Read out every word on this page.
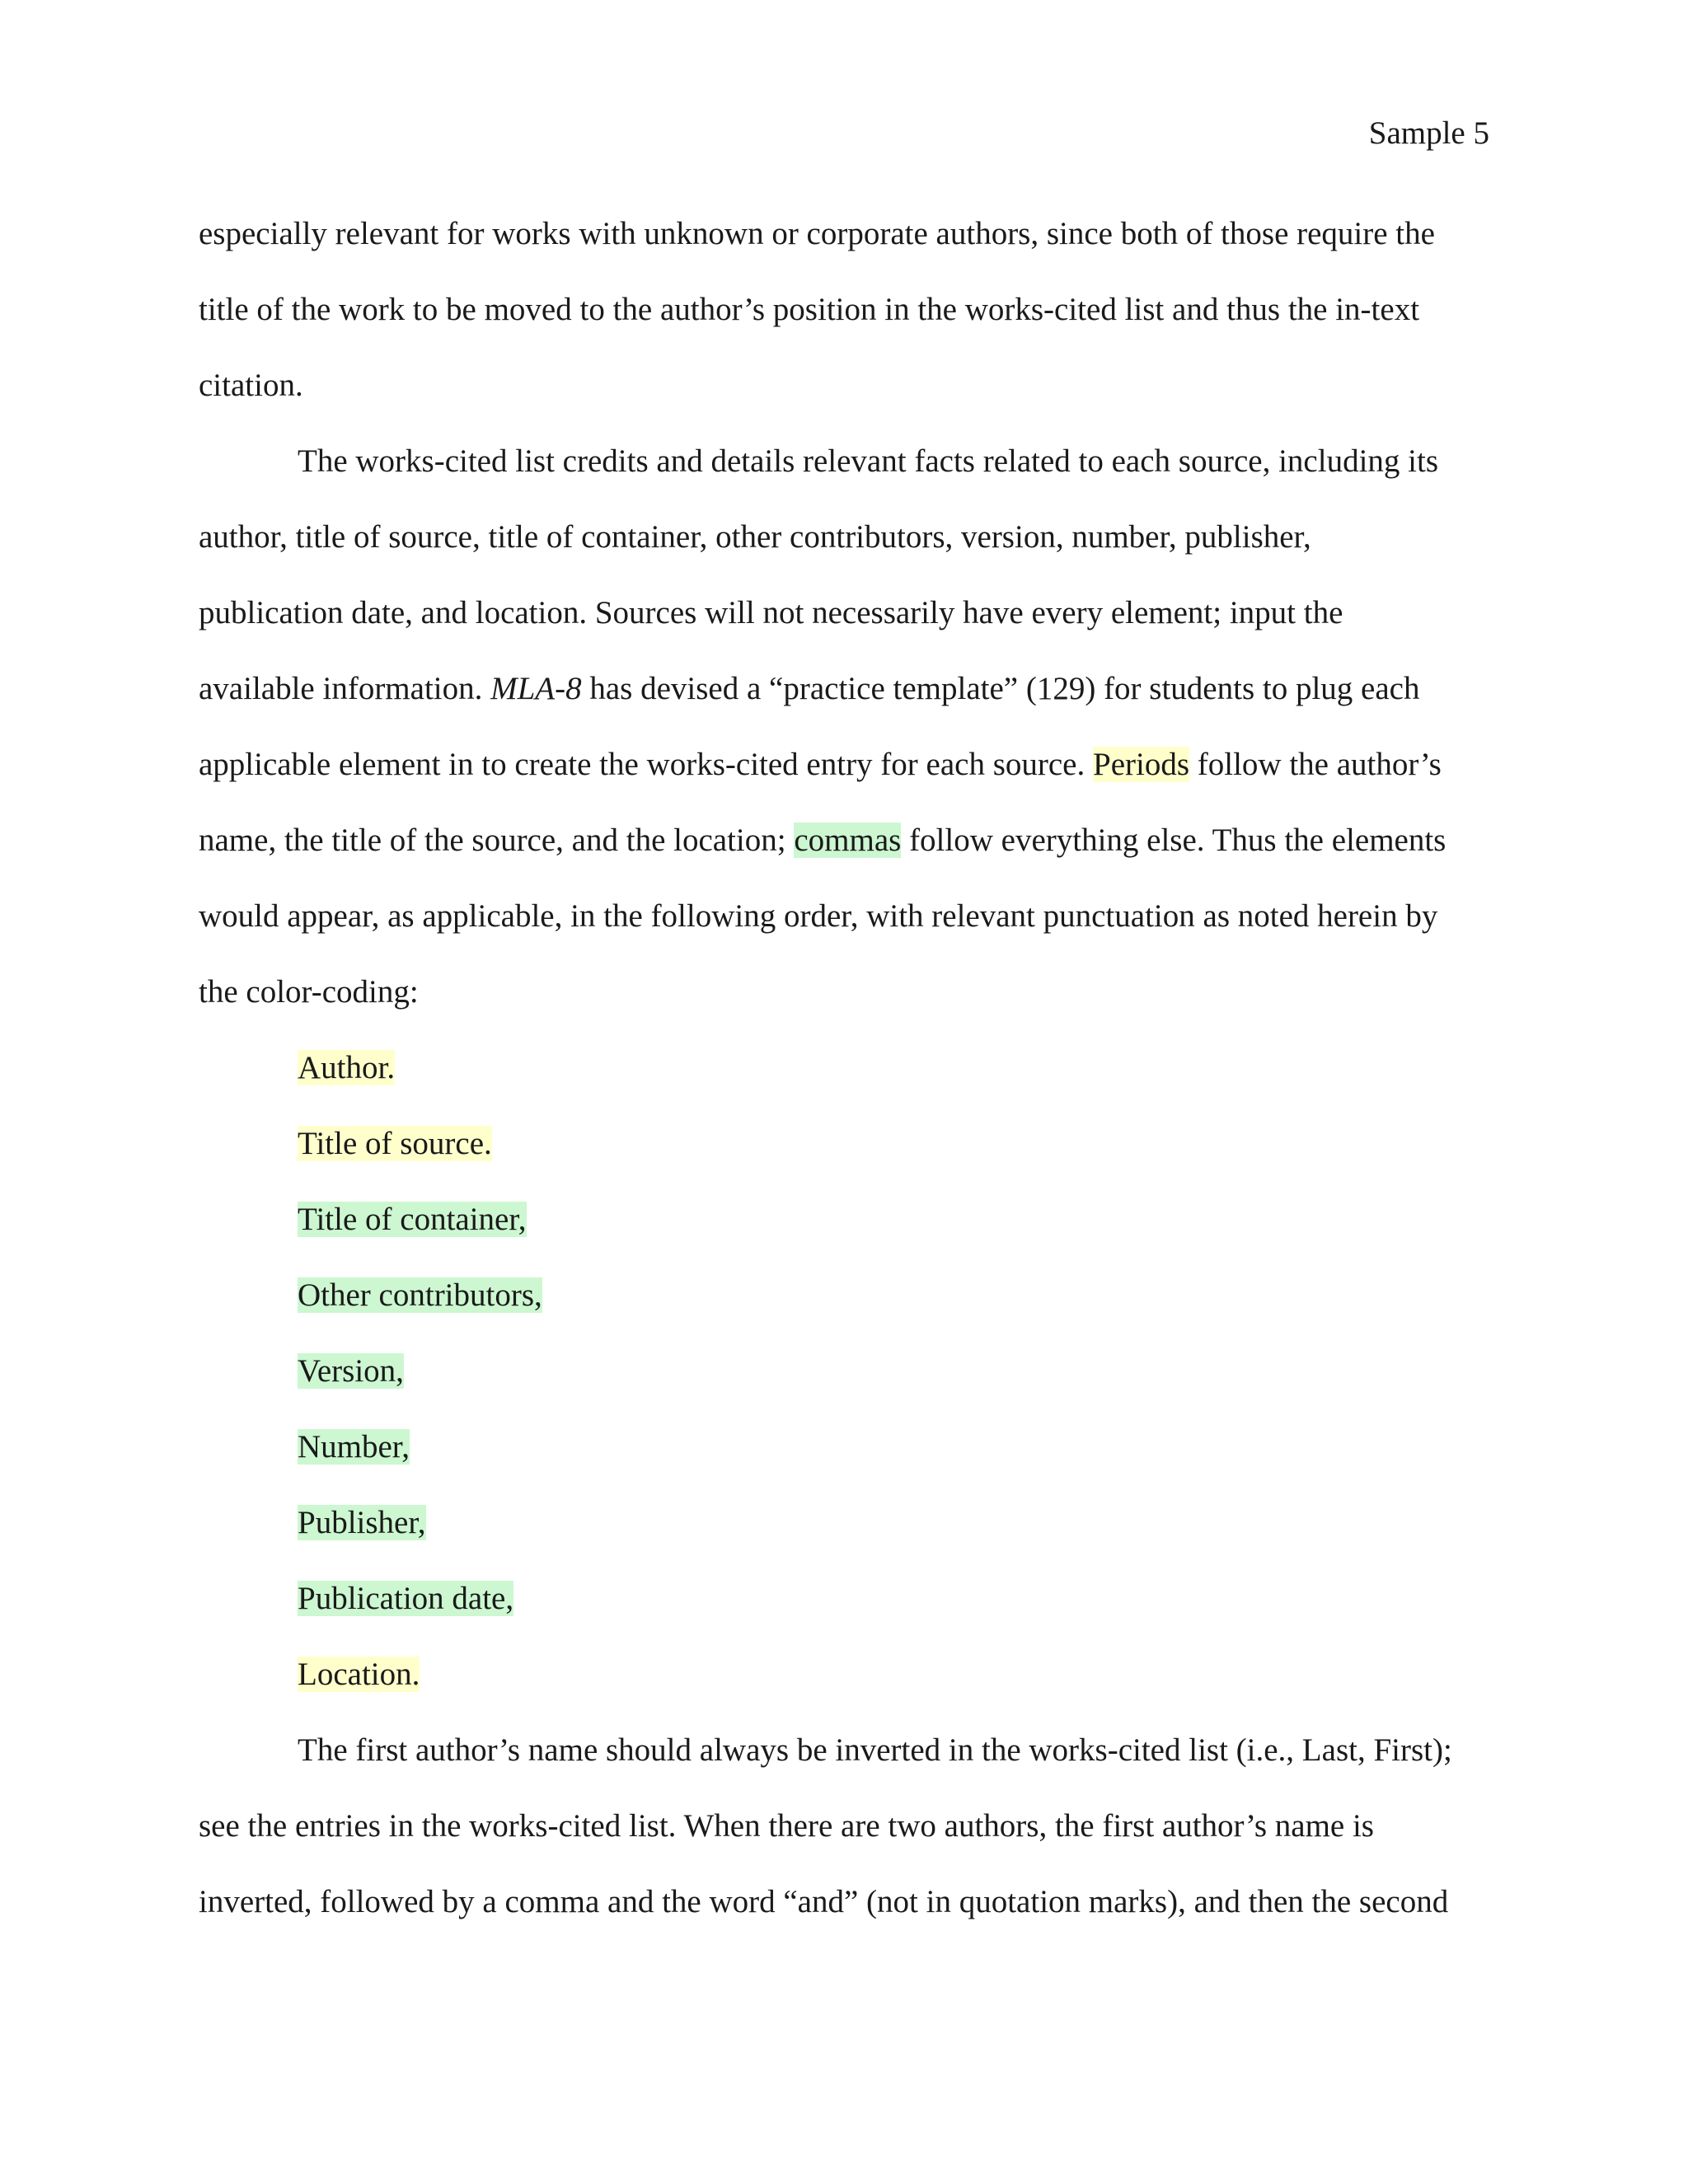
Sample 5
especially relevant for works with unknown or corporate authors, since both of those require the
title of the work to be moved to the author’s position in the works-cited list and thus the in-text
citation.
The works-cited list credits and details relevant facts related to each source, including its
author, title of source, title of container, other contributors, version, number, publisher,
publication date, and location. Sources will not necessarily have every element; input the
available information. MLA-8 has devised a “practice template” (129) for students to plug each
applicable element in to create the works-cited entry for each source. Periods follow the author’s
name, the title of the source, and the location; commas follow everything else. Thus the elements
would appear, as applicable, in the following order, with relevant punctuation as noted herein by
the color-coding:
Author.
Title of source.
Title of container,
Other contributors,
Version,
Number,
Publisher,
Publication date,
Location.
The first author’s name should always be inverted in the works-cited list (i.e., Last, First);
see the entries in the works-cited list. When there are two authors, the first author’s name is
inverted, followed by a comma and the word “and” (not in quotation marks), and then the second
